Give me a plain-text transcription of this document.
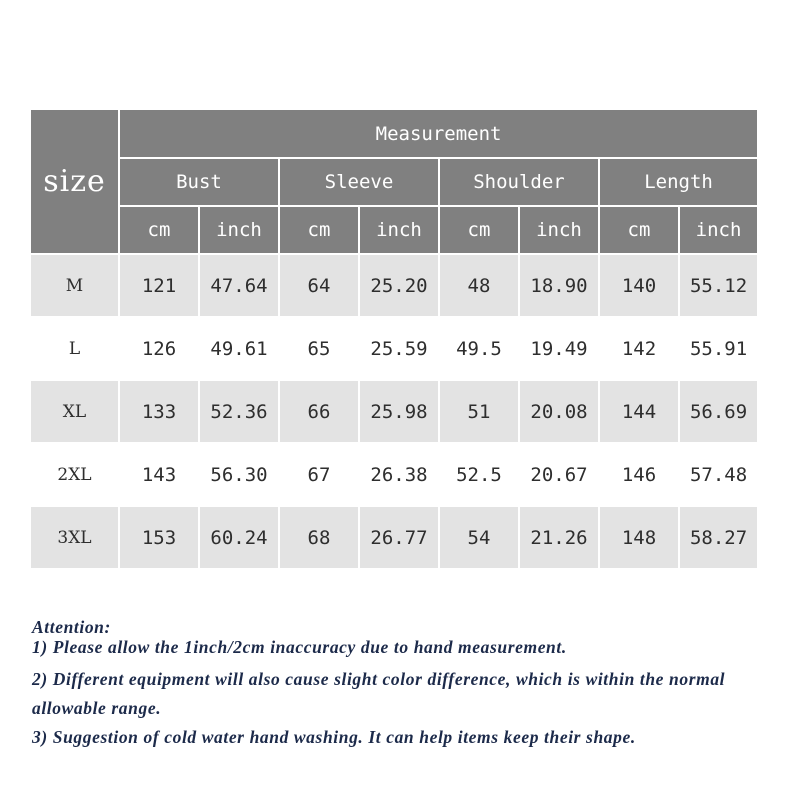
size	Measurement							
	Bust		Sleeve		Shoulder		Length	
	cm	inch	cm	inch	cm	inch	cm	inch
M	121	47.64	64	25.20	48	18.90	140	55.12
L	126	49.61	65	25.59	49.5	19.49	142	55.91
XL	133	52.36	66	25.98	51	20.08	144	56.69
2XL	143	56.30	67	26.38	52.5	20.67	146	57.48
3XL	153	60.24	68	26.77	54	21.26	148	58.27
Attention:
1) Please allow the 1inch/2cm inaccuracy due to hand measurement.
2) Different equipment will also cause slight color difference, which is within the normal allowable range.
3) Suggestion of cold water hand washing. It can help items keep their shape.
